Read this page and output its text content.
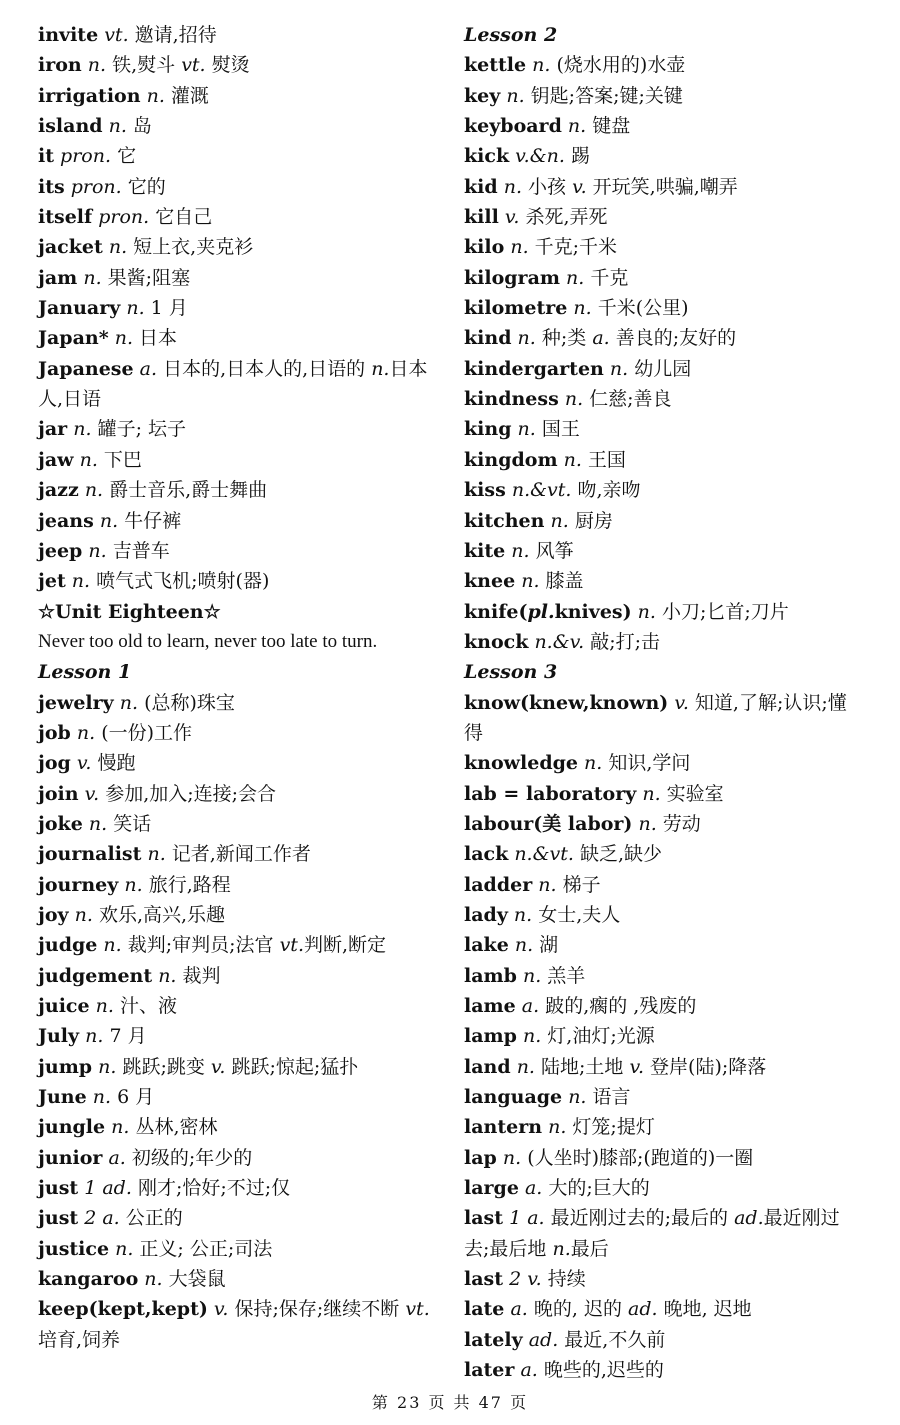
invite vt. 邀请,招待
iron n. 铁,熨斗 vt. 熨烫
irrigation n. 灌溉
island n. 岛
it pron. 它
its pron. 它的
itself pron. 它自己
jacket n. 短上衣,夹克衫
jam n. 果酱;阻塞
January n. 1 月
Japan* n. 日本
Japanese a. 日本的,日本人的,日语的 n.日本人,日语
jar n. 罐子; 坛子
jaw n. 下巴
jazz n. 爵士音乐,爵士舞曲
jeans n. 牛仔裤
jeep n. 吉普车
jet n. 喷气式飞机;喷射(器)
☆Unit Eighteen☆
Never too old to learn, never too late to turn.
Lesson 1
jewelry n. (总称)珠宝
job n. (一份)工作
jog v. 慢跑
join v. 参加,加入;连接;会合
joke n. 笑话
journalist n. 记者,新闻工作者
journey n. 旅行,路程
joy n. 欢乐,高兴,乐趣
judge n. 裁判;审判员;法官 vt.判断,断定
judgement n. 裁判
juice n. 汁、液
July n. 7 月
jump n. 跳跃;跳变 v. 跳跃;惊起;猛扑
June n. 6 月
jungle n. 丛林,密林
junior a. 初级的;年少的
just 1 ad. 刚才;恰好;不过;仅
just 2 a. 公正的
justice n. 正义; 公正;司法
kangaroo n. 大袋鼠
keep(kept,kept) v. 保持;保存;继续不断 vt.培育,饲养
Lesson 2
kettle n. (烧水用的)水壶
key n. 钥匙;答案;键;关键
keyboard n. 键盘
kick v.&n. 踢
kid n. 小孩 v. 开玩笑,哄骗,嘲弄
kill v. 杀死,弄死
kilo n. 千克;千米
kilogram n. 千克
kilometre n. 千米(公里)
kind n. 种;类 a. 善良的;友好的
kindergarten n. 幼儿园
kindness n. 仁慈;善良
king n. 国王
kingdom n. 王国
kiss n.&vt. 吻,亲吻
kitchen n. 厨房
kite n. 风筝
knee n. 膝盖
knife(pl.knives) n. 小刀;匕首;刀片
knock n.&v. 敲;打;击
Lesson 3
know(knew,known) v. 知道,了解;认识;懂得
knowledge n. 知识,学问
lab = laboratory n. 实验室
labour(美 labor) n. 劳动
lack n.&vt. 缺乏,缺少
ladder n. 梯子
lady n. 女士,夫人
lake n. 湖
lamb n. 羔羊
lame a. 跛的,瘸的 ,残废的
lamp n. 灯,油灯;光源
land n. 陆地;土地 v. 登岸(陆);降落
language n. 语言
lantern n. 灯笼;提灯
lap n. (人坐时)膝部;(跑道的)一圈
large a. 大的;巨大的
last 1 a. 最近刚过去的;最后的 ad.最近刚过去;最后地 n.最后
last 2 v. 持续
late a. 晚的, 迟的 ad. 晚地, 迟地
lately ad. 最近,不久前
later a. 晚些的,迟些的
第 23 页 共 47 页
